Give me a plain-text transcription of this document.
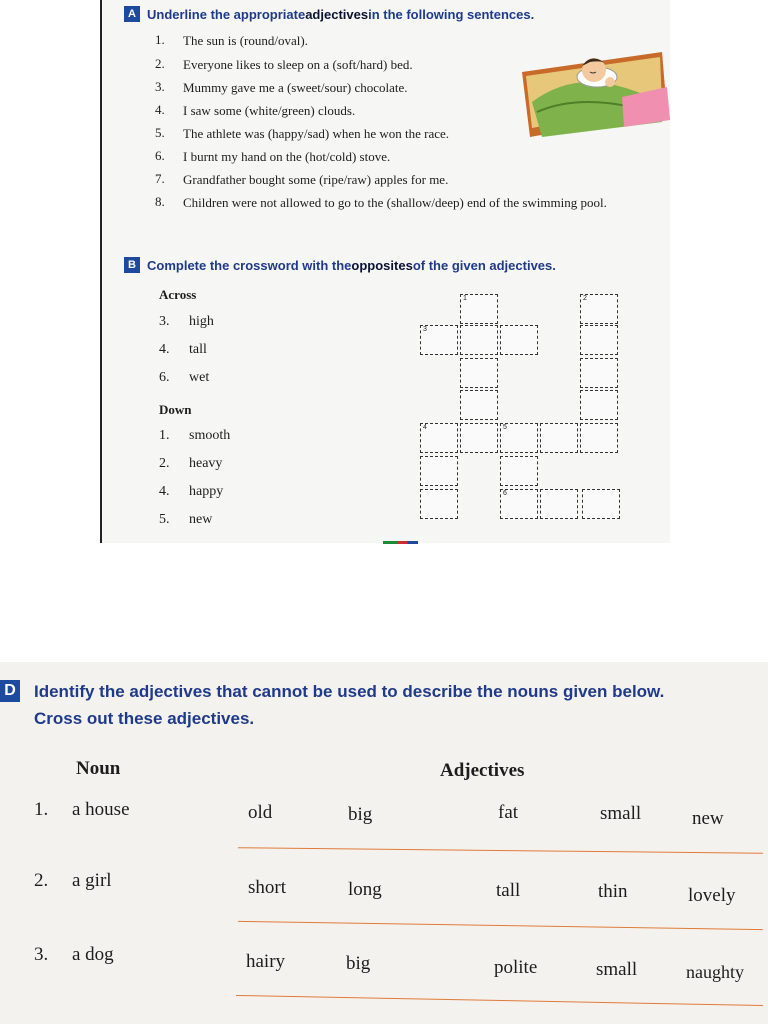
A Underline the appropriate adjectives in the following sentences.
1.	The sun is (round/oval).
2.	Everyone likes to sleep on a (soft/hard) bed.
3.	Mummy gave me a (sweet/sour) chocolate.
4.	I saw some (white/green) clouds.
5.	The athlete was (happy/sad) when he won the race.
6.	I burnt my hand on the (hot/cold) stove.
7.	Grandfather bought some (ripe/raw) apples for me.
8.	Children were not allowed to go to the (shallow/deep) end of the swimming pool.
B Complete the crossword with the opposites of the given adjectives.
Across
3.	high
4.	tall
6.	wet
Down
1.	smooth
2.	heavy
4.	happy
5.	new
1
3
2
4	5
6
D Identify the adjectives that cannot be used to describe the nouns given below.
Cross out these adjectives.
Noun	Adjectives
1.	a house	old	big	fat	small	new
2.	a girl	short	long	tall	thin	lovely
3.	a dog	hairy	big	polite	small	naughty
